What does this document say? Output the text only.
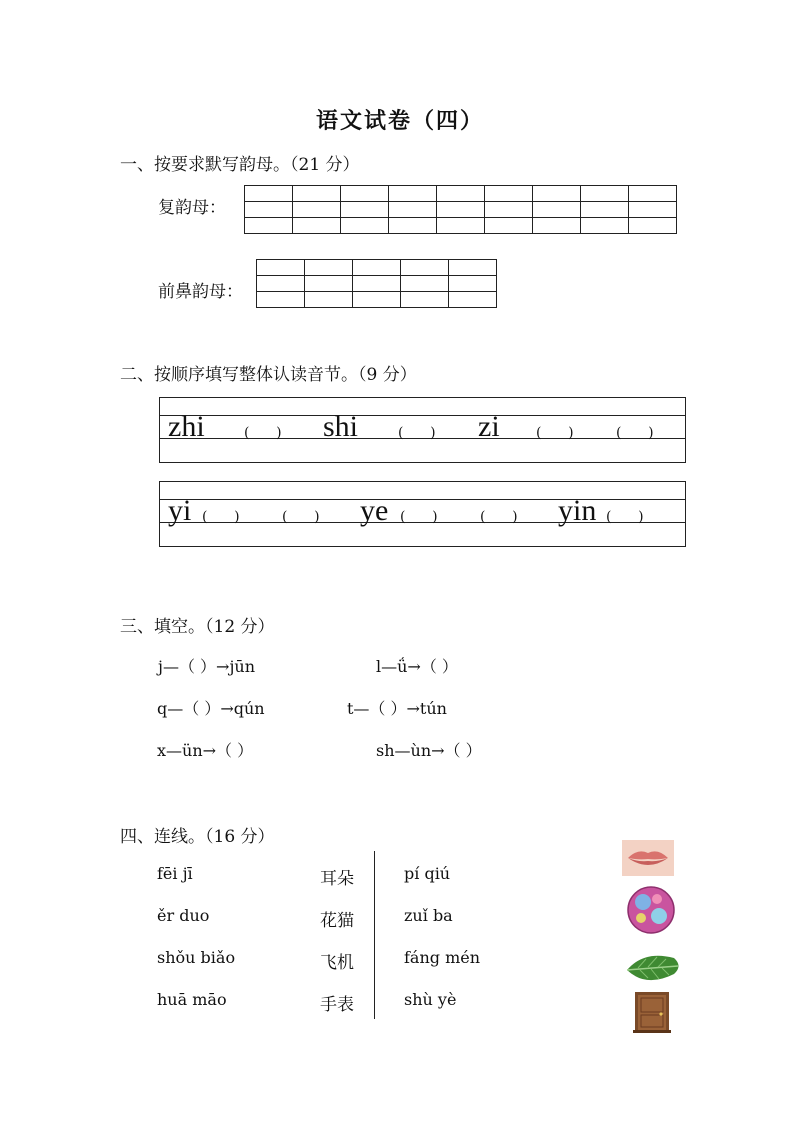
语文试卷（四）
一、按要求默写韵母。（21 分）
复韵母：

前鼻韵母：

二、按顺序填写整体认读音节。（9 分）
zhi	(      ) shi	(      ) zi	(      )	(      )
yi (      )	(      ) ye (      )	(      ) yin (      )
三、填空。（12 分）
j—（ ）→jūn	l—ǘ→（ ）
q—（ ）→qún	t—（ ）→tún
x—ün→（ ）	sh—ùn→（ ）
四、连线。（16 分）
fēi jī
ěr duo
shǒu biǎo
huā māo
耳朵
花猫
飞机
手表
pí qiú
zuǐ ba
fáng mén
shù yè
